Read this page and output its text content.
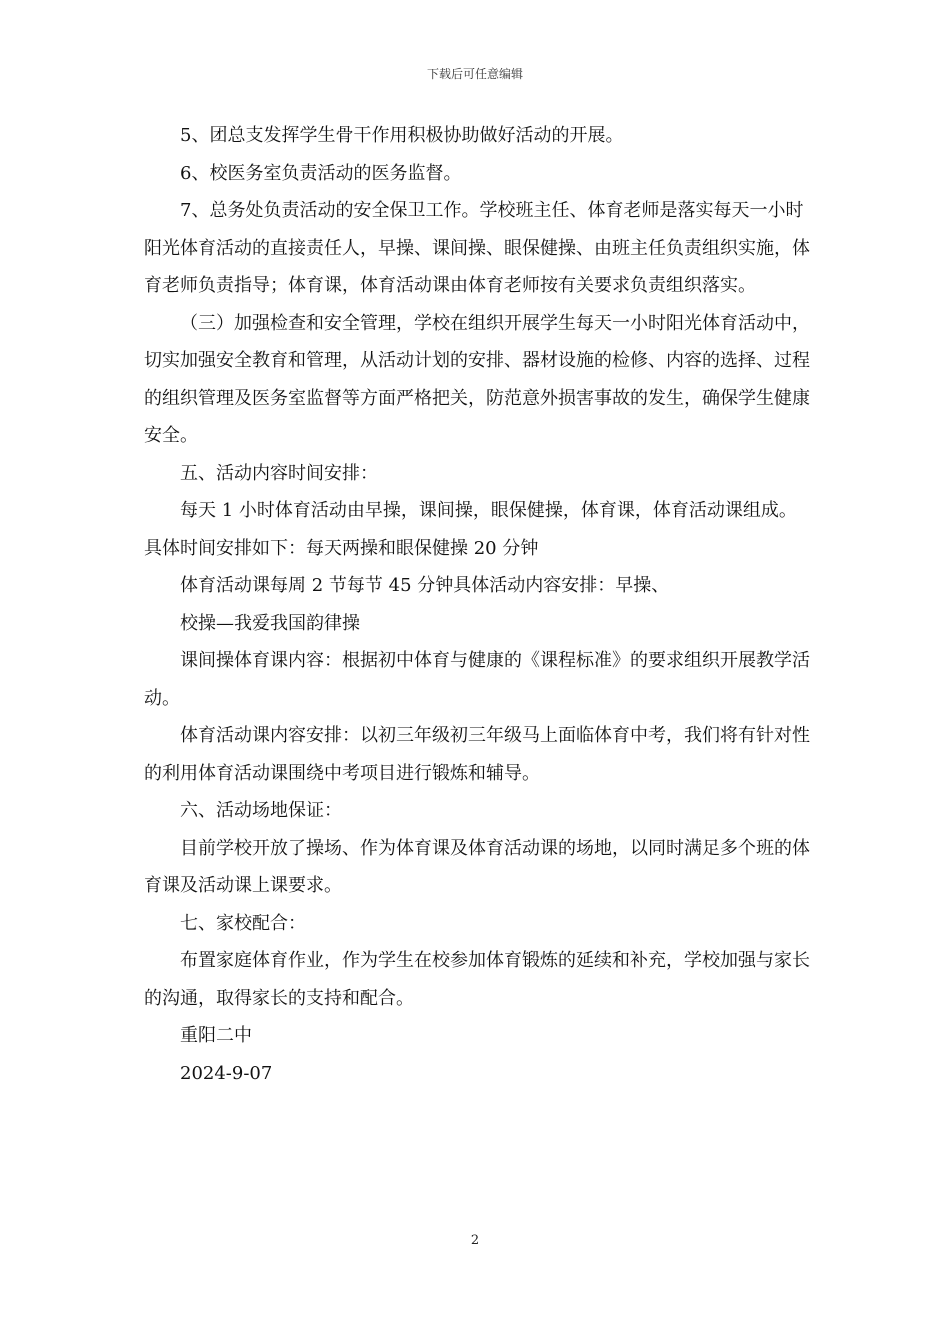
下载后可任意编辑

5、团总支发挥学生骨干作用积极协助做好活动的开展。

6、校医务室负责活动的医务监督。

7、总务处负责活动的安全保卫工作。学校班主任、体育老师是落实每天一小时阳光体育活动的直接责任人，早操、课间操、眼保健操、由班主任负责组织实施，体育老师负责指导；体育课，体育活动课由体育老师按有关要求负责组织落实。

（三）加强检查和安全管理，学校在组织开展学生每天一小时阳光体育活动中，切实加强安全教育和管理，从活动计划的安排、器材设施的检修、内容的选择、过程的组织管理及医务室监督等方面严格把关，防范意外损害事故的发生，确保学生健康安全。

五、活动内容时间安排：

每天 1 小时体育活动由早操，课间操，眼保健操，体育课，体育活动课组成。具体时间安排如下：每天两操和眼保健操 20 分钟

体育活动课每周 2 节每节 45 分钟具体活动内容安排：早操、

校操—我爱我国韵律操

课间操体育课内容：根据初中体育与健康的《课程标准》的要求组织开展教学活动。

体育活动课内容安排：以初三年级初三年级马上面临体育中考，我们将有针对性的利用体育活动课围绕中考项目进行锻炼和辅导。

六、活动场地保证：

目前学校开放了操场、作为体育课及体育活动课的场地，以同时满足多个班的体育课及活动课上课要求。

七、家校配合：

布置家庭体育作业，作为学生在校参加体育锻炼的延续和补充，学校加强与家长的沟通，取得家长的支持和配合。

重阳二中

2024-9-07

2
